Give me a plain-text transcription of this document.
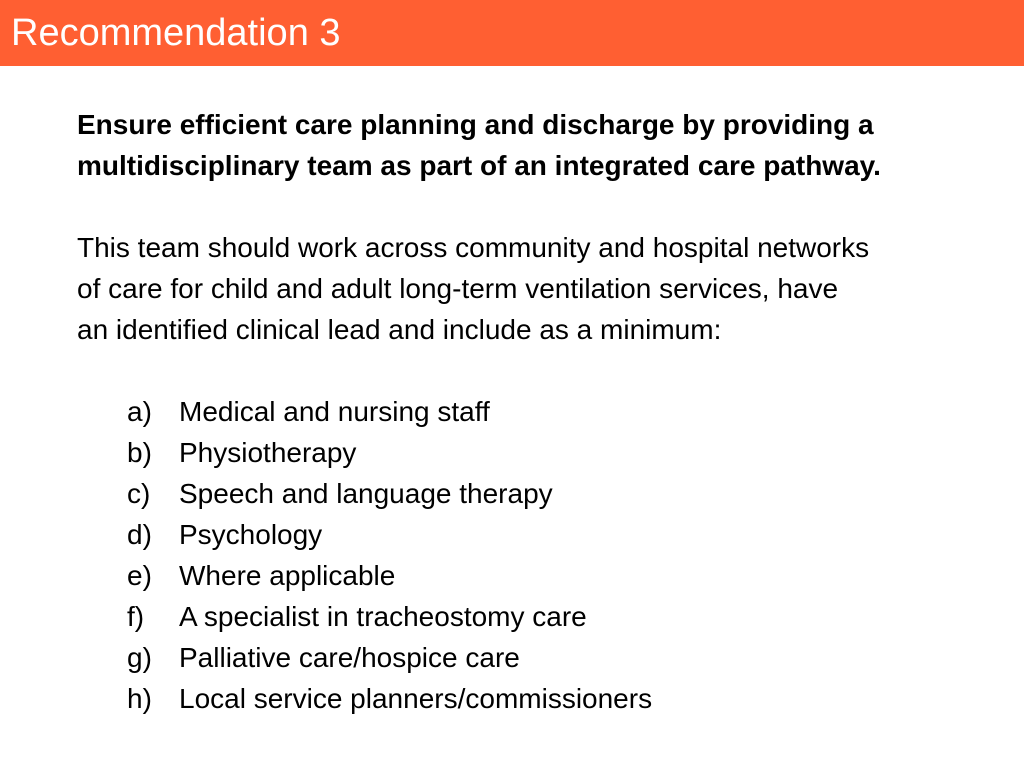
Recommendation 3

Ensure efficient care planning and discharge by providing a
multidisciplinary team as part of an integrated care pathway.

This team should work across community and hospital networks
of care for child and adult long-term ventilation services, have
an identified clinical lead and include as a minimum:

a) Medical and nursing staff
b) Physiotherapy
c)	Speech and language therapy
d) Psychology
e) Where applicable
f)	A specialist in tracheostomy care
g) Palliative care/hospice care
h) Local service planners/commissioners
